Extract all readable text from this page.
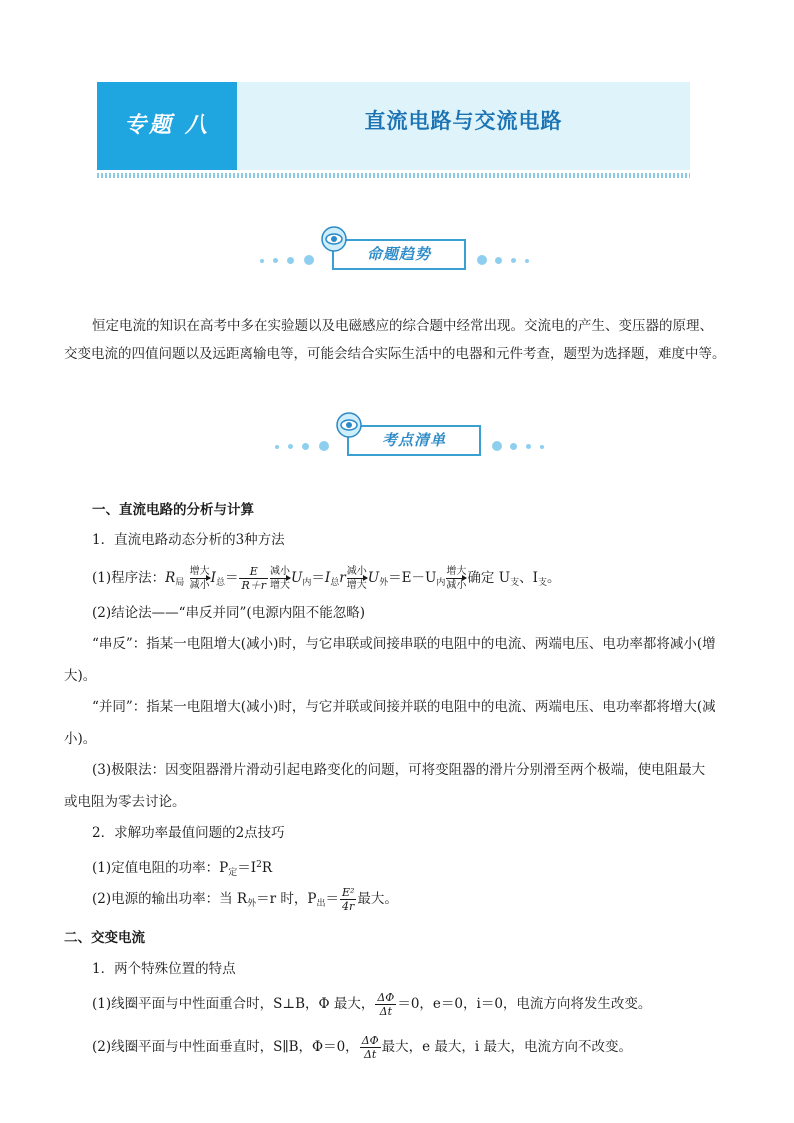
专题 八	直流电路与交流电路
命题趋势
恒定电流的知识在高考中多在实验题以及电磁感应的综合题中经常出现。交流电的产生、变压器的原理、
交变电流的四值问题以及远距离输电等，可能会结合实际生活中的电器和元件考查，题型为选择题，难度中等。
考点清单
一、直流电路的分析与计算
1．直流电路动态分析的3种方法
(1)程序法：$R_局$
增大
减小 $I_总= \frac{E}{R+r}$ 减小
增大 $U_内=I_总r$ 减小
增大 $U_外=E-U_内$
增大
减小 确定 $U_支$、$I_支$。
(2)结论法——“串反并同”(电源内阻不能忽略)
“串反”：指某一电阻增大(减小)时，与它串联或间接串联的电阻中的电流、两端电压、电功率都将减小(增
大)。
“并同”：指某一电阻增大(减小)时，与它并联或间接并联的电阻中的电流、两端电压、电功率都将增大(减
小)。
(3)极限法：因变阻器滑片滑动引起电路变化的问题，可将变阻器的滑片分别滑至两个极端，使电阻最大
或电阻为零去讨论。
2．求解功率最值问题的2点技巧
(1)定值电阻的功率：$P_定=I^2R$
(2)电源的输出功率：当 $R_外=r$ 时，$P_出= \frac{\text{E²}}{4r}$ 最大。
二、交变电流
1．两个特殊位置的特点
(1)线圈平面与中性面重合时，S⊥B，Φ 最大， $\frac{\Delta\Phi}{\Delta t} =0$，e＝0，i＝0，电流方向将发生改变。
(2)线圈平面与中性面垂直时，S∥B，Φ＝0， $\frac{\Delta\Phi}{\Delta t}$ 最大，e 最大，i 最大，电流方向不改变。
